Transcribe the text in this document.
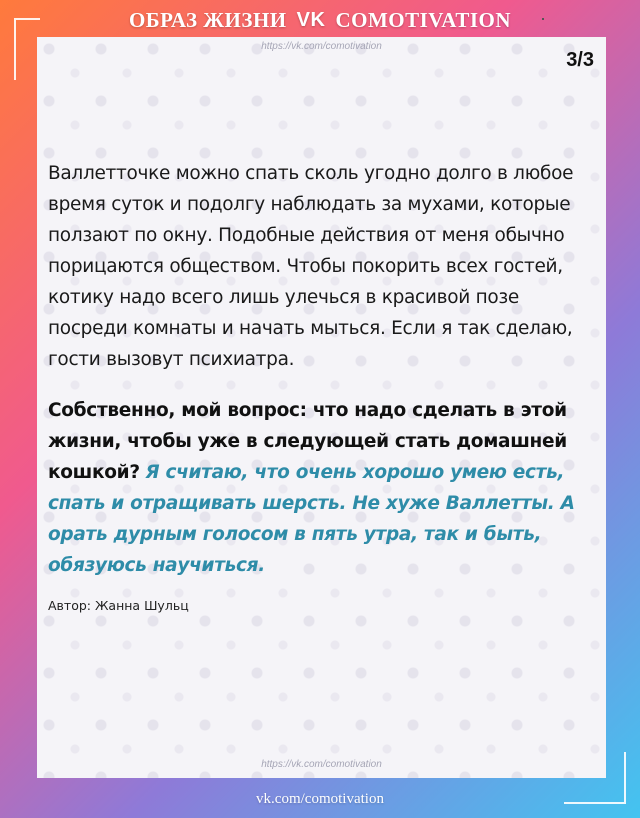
ОБРАЗ ЖИЗНИ VK COMOTIVATION
https://vk.com/comotivation
3/3

Валлетточке можно спать сколь угодно долго в любое время суток и подолгу наблюдать за мухами, которые ползают по окну. Подобные действия от меня обычно порицаются обществом. Чтобы покорить всех гостей, котику надо всего лишь улечься в красивой позе посреди комнаты и начать мыться. Если я так сделаю, гости вызовут психиатра.

Собственно, мой вопрос: что надо сделать в этой жизни, чтобы уже в следующей стать домашней кошкой? Я считаю, что очень хорошо умею есть, спать и отращивать шерсть. Не хуже Валлетты. А орать дурным голосом в пять утра, так и быть, обязуюсь научиться.

Автор: Жанна Шульц
https://vk.com/comotivation
vk.com/comotivation
